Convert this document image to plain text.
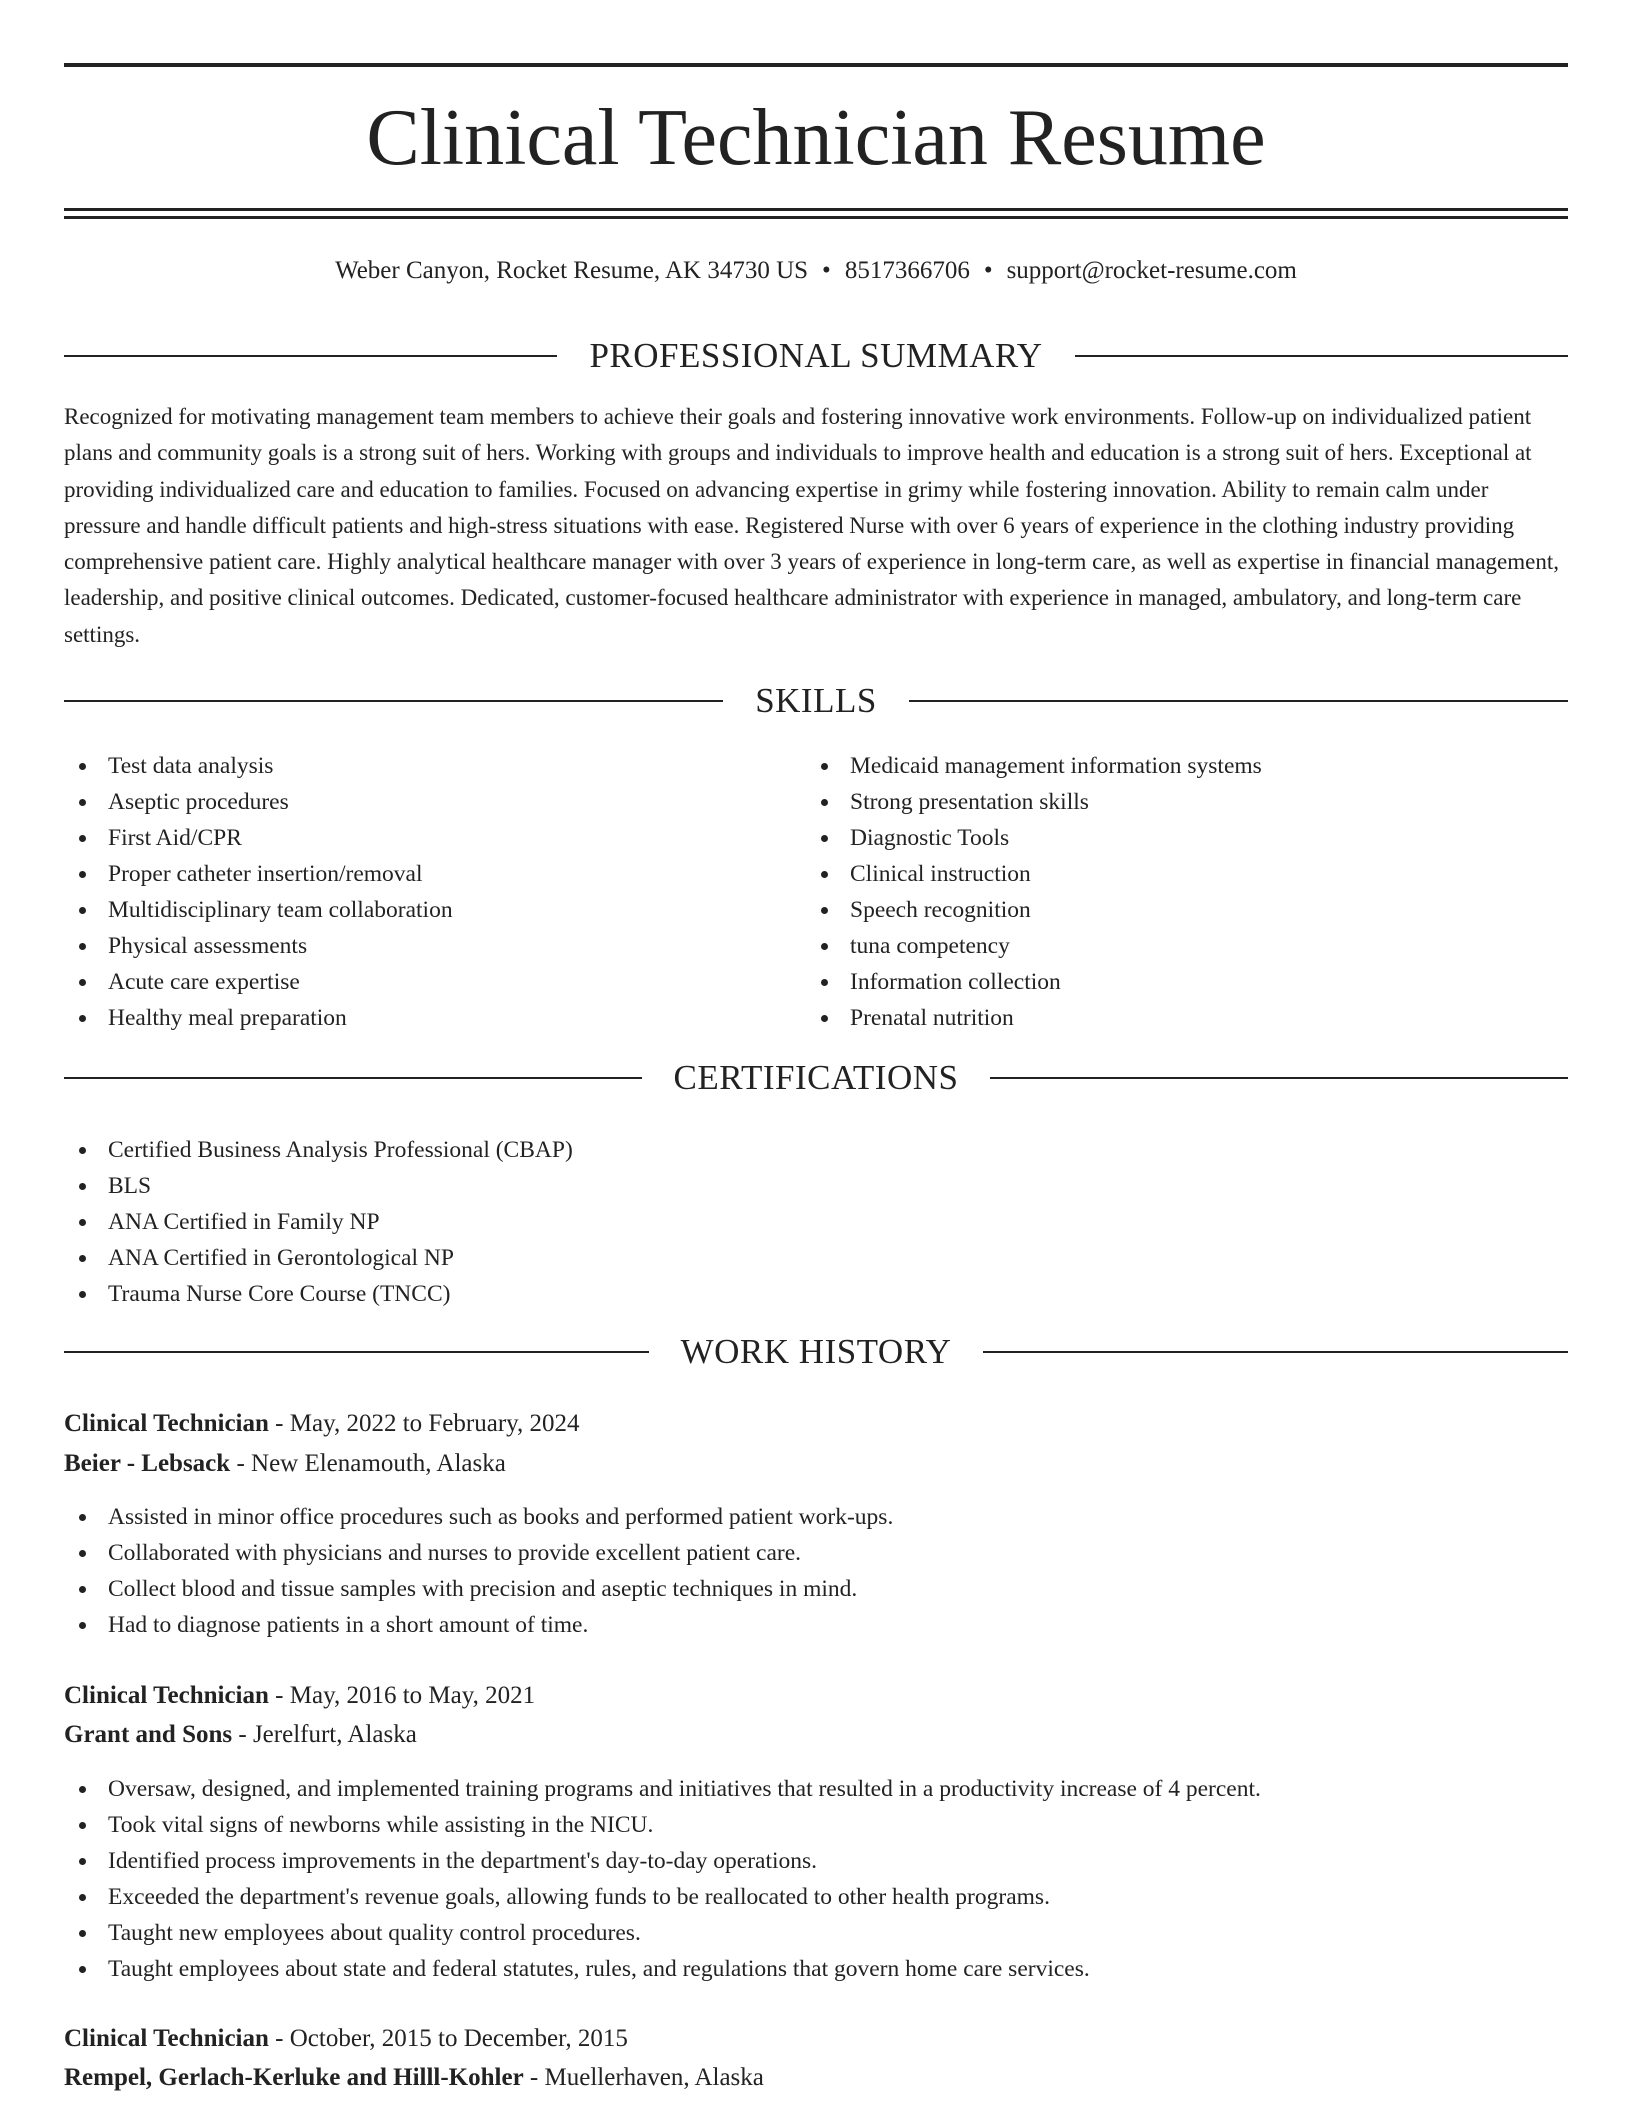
Clinical Technician Resume
Weber Canyon, Rocket Resume, AK 34730 US • 8517366706 • support@rocket-resume.com
PROFESSIONAL SUMMARY

Recognized for motivating management team members to achieve their goals and fostering innovative work environments. Follow-up on individualized patient plans and community goals is a strong suit of hers. Working with groups and individuals to improve health and education is a strong suit of hers. Exceptional at providing individualized care and education to families. Focused on advancing expertise in grimy while fostering innovation. Ability to remain calm under pressure and handle difficult patients and high-stress situations with ease. Registered Nurse with over 6 years of experience in the clothing industry providing comprehensive patient care. Highly analytical healthcare manager with over 3 years of experience in long-term care, as well as expertise in financial management, leadership, and positive clinical outcomes. Dedicated, customer-focused healthcare administrator with experience in managed, ambulatory, and long-term care settings.

SKILLS
Test data analysis
Aseptic procedures
First Aid/CPR
Proper catheter insertion/removal
Multidisciplinary team collaboration
Physical assessments
Acute care expertise
Healthy meal preparation
Medicaid management information systems
Strong presentation skills
Diagnostic Tools
Clinical instruction
Speech recognition
tuna competency
Information collection
Prenatal nutrition
CERTIFICATIONS
Certified Business Analysis Professional (CBAP)
BLS
ANA Certified in Family NP
ANA Certified in Gerontological NP
Trauma Nurse Core Course (TNCC)
WORK HISTORY
Clinical Technician - May, 2022 to February, 2024
Beier - Lebsack - New Elenamouth, Alaska
Assisted in minor office procedures such as books and performed patient work-ups.
Collaborated with physicians and nurses to provide excellent patient care.
Collect blood and tissue samples with precision and aseptic techniques in mind.
Had to diagnose patients in a short amount of time.
Clinical Technician - May, 2016 to May, 2021
Grant and Sons - Jerelfurt, Alaska
Oversaw, designed, and implemented training programs and initiatives that resulted in a productivity increase of 4 percent.
Took vital signs of newborns while assisting in the NICU.
Identified process improvements in the department's day-to-day operations.
Exceeded the department's revenue goals, allowing funds to be reallocated to other health programs.
Taught new employees about quality control procedures.
Taught employees about state and federal statutes, rules, and regulations that govern home care services.
Clinical Technician - October, 2015 to December, 2015
Rempel, Gerlach-Kerluke and Hilll-Kohler - Muellerhaven, Alaska
